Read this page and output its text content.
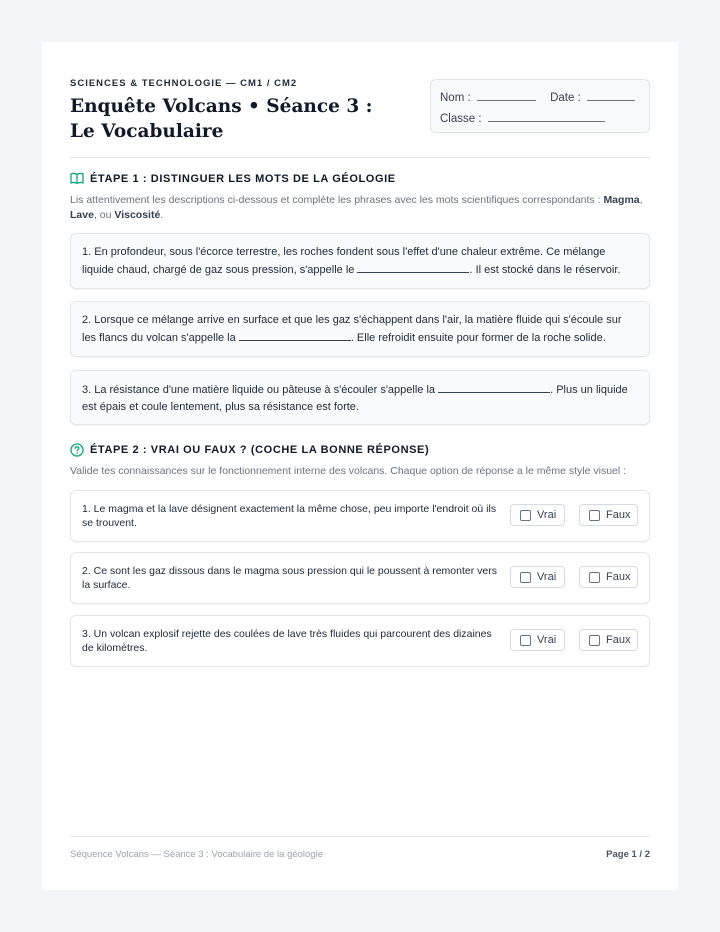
SCIENCES & TECHNOLOGIE — CM1 / CM2
Enquête Volcans • Séance 3 : Le Vocabulaire
Nom :	Date :
Classe :
ÉTAPE 1 : DISTINGUER LES MOTS DE LA GÉOLOGIE
Lis attentivement les descriptions ci-dessous et complète les phrases avec les mots scientifiques correspondants : Magma, Lave, ou Viscosité.
1. En profondeur, sous l'écorce terrestre, les roches fondent sous l'effet d'une chaleur extrême. Ce mélange liquide chaud, chargé de gaz sous pression, s'appelle le	. Il est stocké dans le réservoir.
2. Lorsque ce mélange arrive en surface et que les gaz s'échappent dans l'air, la matière fluide qui s'écoule sur les flancs du volcan s'appelle la	. Elle refroidit ensuite pour former de la roche solide.
3. La résistance d'une matière liquide ou pâteuse à s'écouler s'appelle la	. Plus un liquide est épais et coule lentement, plus sa résistance est forte.
ÉTAPE 2 : VRAI OU FAUX ? (COCHE LA BONNE RÉPONSE)
Valide tes connaissances sur le fonctionnement interne des volcans. Chaque option de réponse a le même style visuel :
1. Le magma et la lave désignent exactement la même chose, peu importe l'endroit où ils se trouvent.
Vrai	Faux
2. Ce sont les gaz dissous dans le magma sous pression qui le poussent à remonter vers la surface.
Vrai	Faux
3. Un volcan explosif rejette des coulées de lave très fluides qui parcourent des dizaines de kilomètres.
Vrai	Faux
Séquence Volcans — Séance 3 : Vocabulaire de la géologie	Page 1 / 2
